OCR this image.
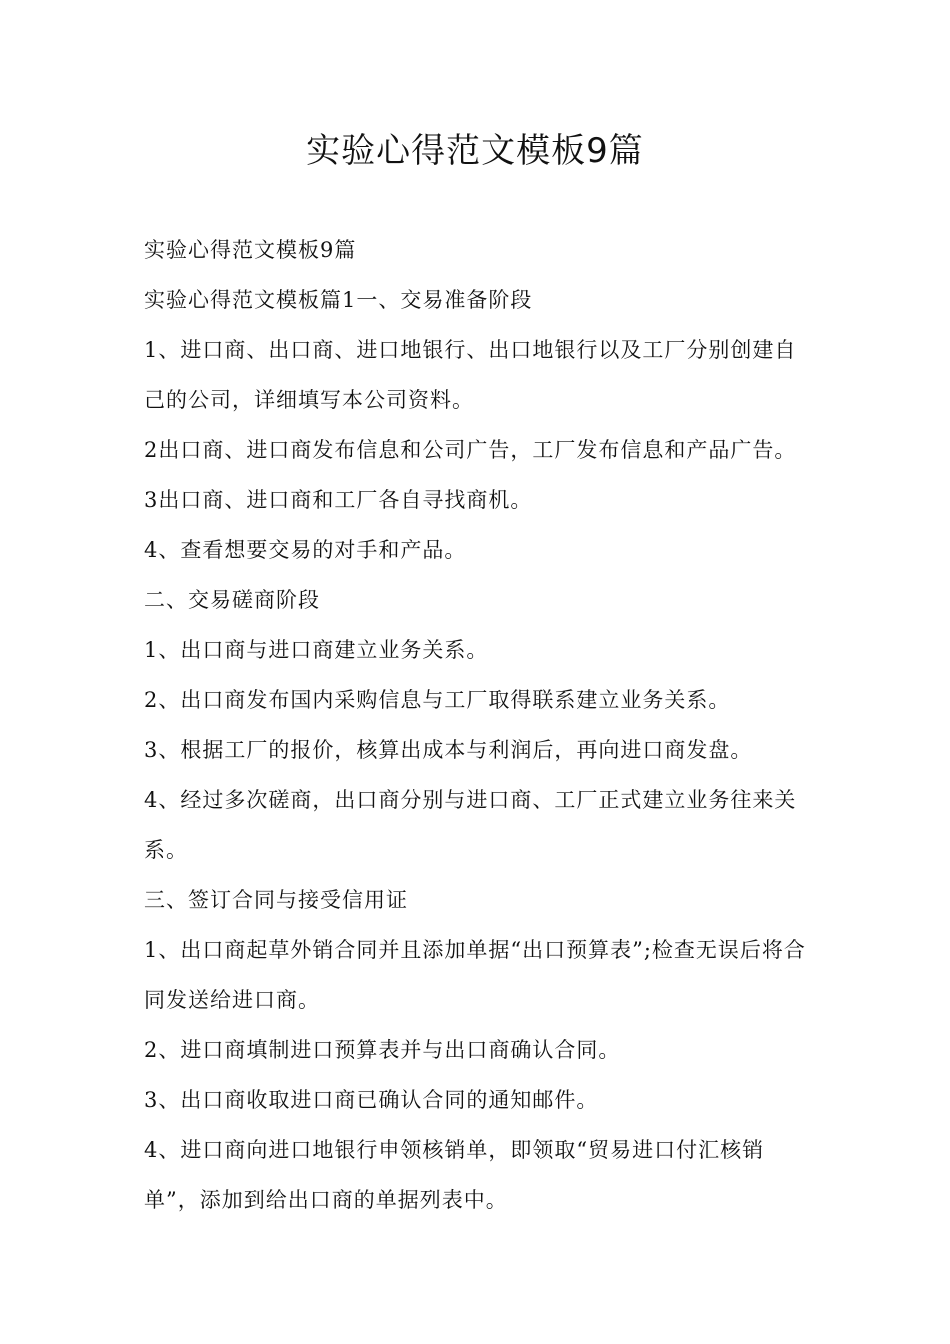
实验心得范文模板9篇

实验心得范文模板9篇

实验心得范文模板篇1一、交易准备阶段

1、进口商、出口商、进口地银行、出口地银行以及工厂分别创建自己的公司，详细填写本公司资料。

2出口商、进口商发布信息和公司广告，工厂发布信息和产品广告。

3出口商、进口商和工厂各自寻找商机。

4、查看想要交易的对手和产品。

二、交易磋商阶段

1、出口商与进口商建立业务关系。

2、出口商发布国内采购信息与工厂取得联系建立业务关系。

3、根据工厂的报价，核算出成本与利润后，再向进口商发盘。

4、经过多次磋商，出口商分别与进口商、工厂正式建立业务往来关系。

三、签订合同与接受信用证

1、出口商起草外销合同并且添加单据“出口预算表”;检查无误后将合同发送给进口商。

2、进口商填制进口预算表并与出口商确认合同。

3、出口商收取进口商已确认合同的通知邮件。

4、进口商向进口地银行申领核销单，即领取“贸易进口付汇核销单”，添加到给出口商的单据列表中。
